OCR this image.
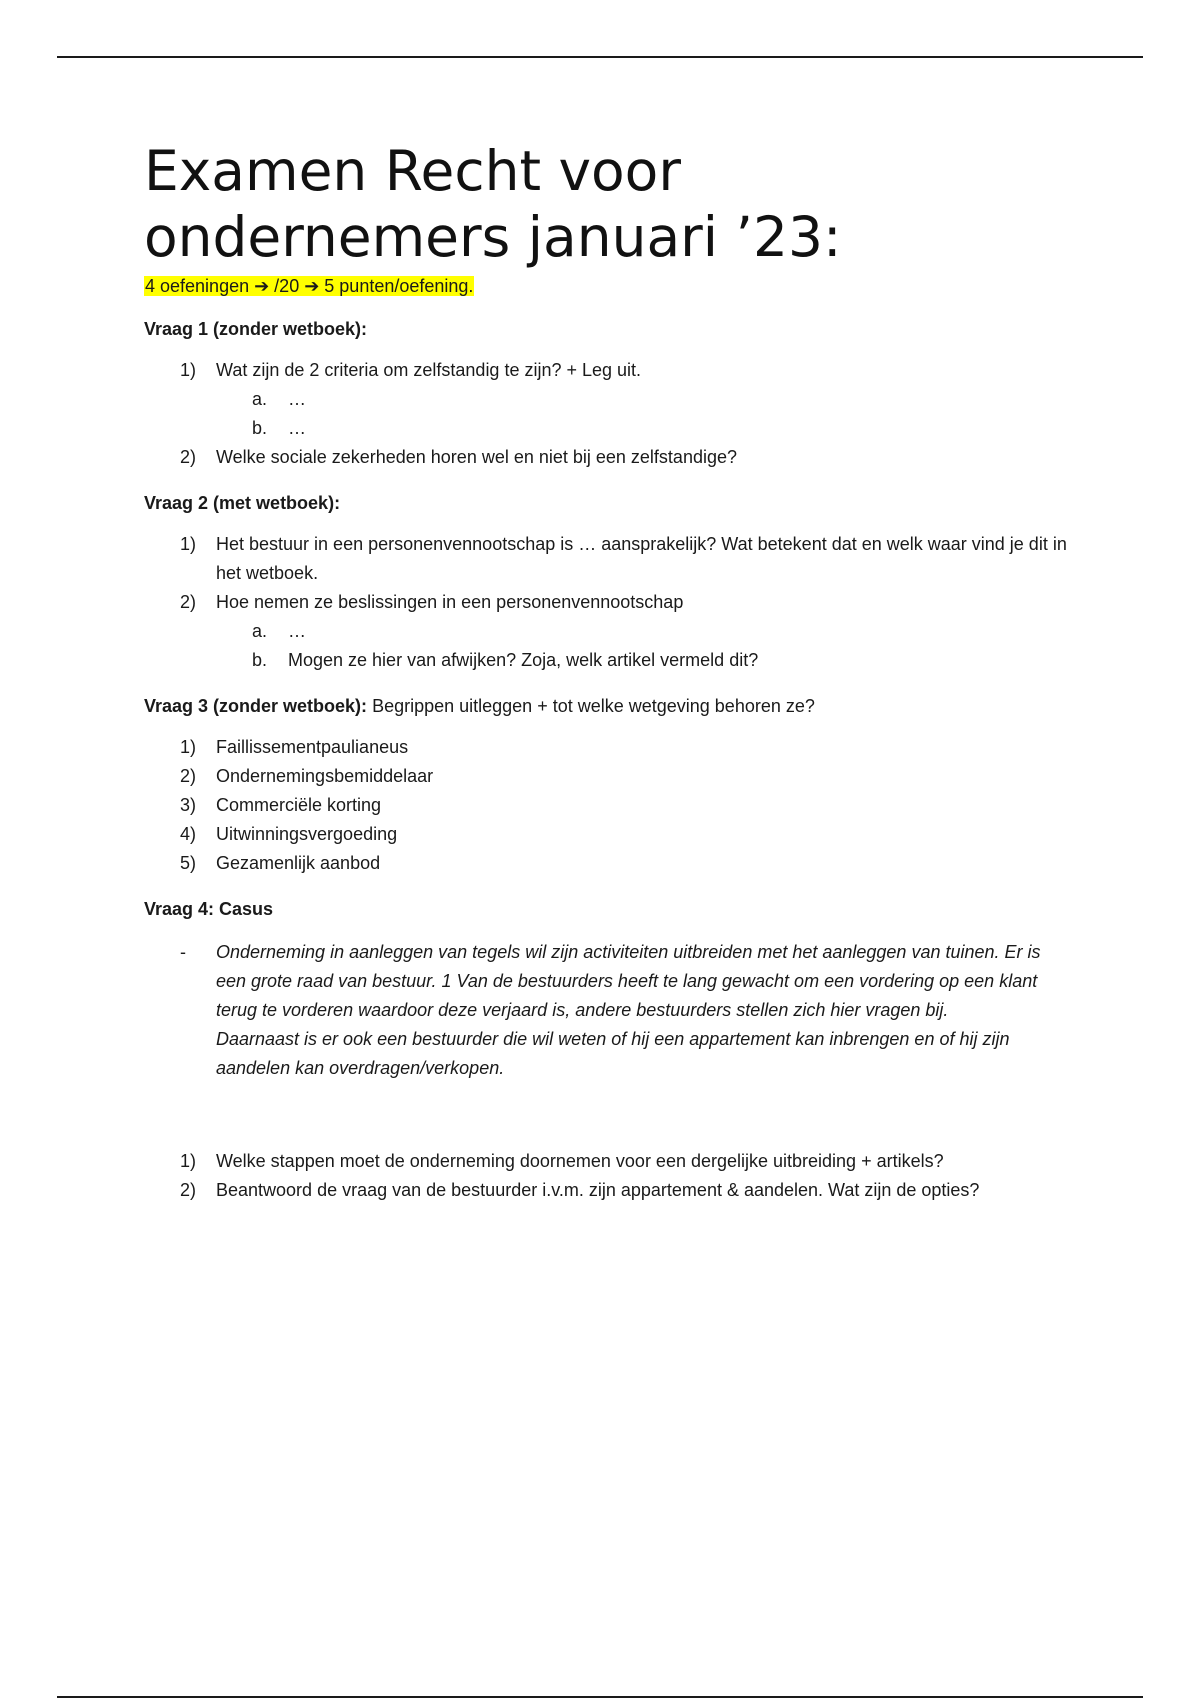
Examen Recht voor
ondernemers januari ’23:
4 oefeningen ➔ /20 ➔ 5 punten/oefening.
Vraag 1 (zonder wetboek):
1) Wat zijn de 2 criteria om zelfstandig te zijn? + Leg uit.
a. …
b. …
2) Welke sociale zekerheden horen wel en niet bij een zelfstandige?
Vraag 2 (met wetboek):
1) Het bestuur in een personenvennootschap is … aansprakelijk? Wat betekent dat en welk waar vind je dit in het wetboek.
2) Hoe nemen ze beslissingen in een personenvennootschap
a. …
b. Mogen ze hier van afwijken? Zoja, welk artikel vermeld dit?
Vraag 3 (zonder wetboek): Begrippen uitleggen + tot welke wetgeving behoren ze?
1) Faillissementpaulianeus
2) Ondernemingsbemiddelaar
3) Commerciële korting
4) Uitwinningsvergoeding
5) Gezamenlijk aanbod
Vraag 4: Casus
- Onderneming in aanleggen van tegels wil zijn activiteiten uitbreiden met het aanleggen van tuinen. Er is een grote raad van bestuur. 1 Van de bestuurders heeft te lang gewacht om een vordering op een klant terug te vorderen waardoor deze verjaard is, andere bestuurders stellen zich hier vragen bij.

Daarnaast is er ook een bestuurder die wil weten of hij een appartement kan inbrengen en of hij zijn aandelen kan overdragen/verkopen.

1) Welke stappen moet de onderneming doornemen voor een dergelijke uitbreiding + artikels?
2) Beantwoord de vraag van de bestuurder i.v.m. zijn appartement & aandelen. Wat zijn de opties?
